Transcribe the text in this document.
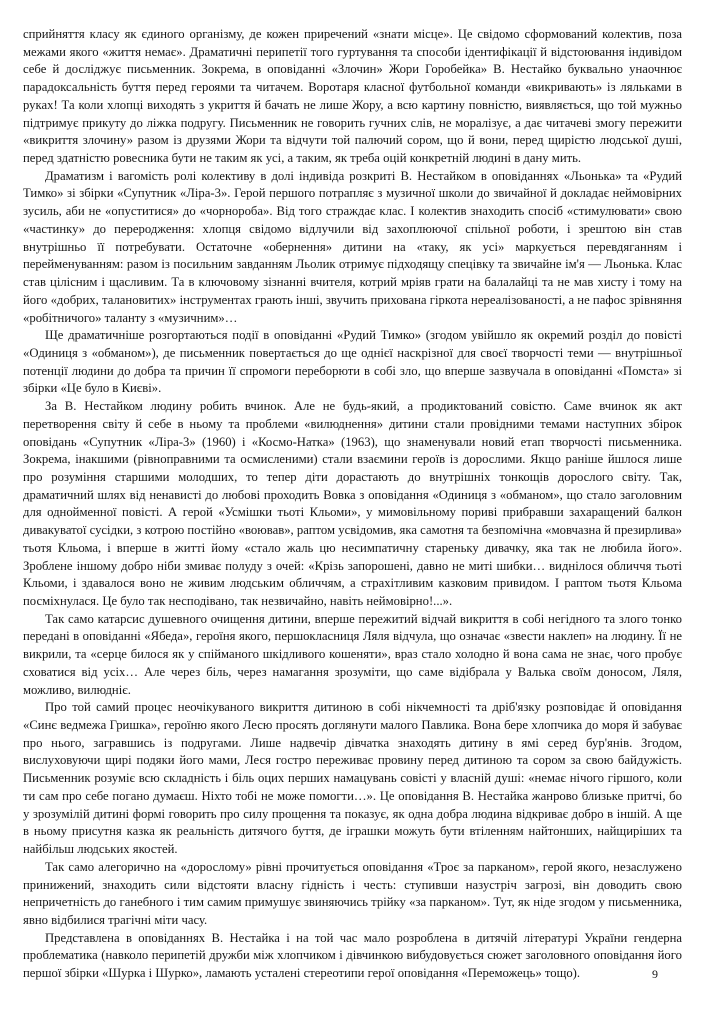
сприйняття класу як єдиного організму, де кожен приречений «знати місце». Це свідомо сформований колектив, поза межами якого «життя немає». Драматичні перипетії того гуртування та способи ідентифікації й відстоювання індивідом себе й досліджує письменник. Зокрема, в оповіданні «Злочин» Жори Горобейка» В. Нестайко буквально унаочнює парадоксальність буття перед героями та читачем. Воротаря класної футбольної команди «викривають» із ляльками в руках! Та коли хлопці виходять з укриття й бачать не лише Жору, а всю картину повністю, виявляється, що той мужньо підтримує прикуту до ліжка подругу. Письменник не говорить гучних слів, не моралізує, а дає читачеві змогу пережити «викриття злочину» разом із друзями Жори та відчути той палючий сором, що й вони, перед щирістю людської душі, перед здатністю ровесника бути не таким як усі, а таким, як треба оцій конкретній людині в дану мить.

Драматизм і вагомість ролі колективу в долі індивіда розкриті В. Нестайком в оповіданнях «Льонька» та «Рудий Тимко» зі збірки «Супутник «Ліра-3». Герой першого потрапляє з музичної школи до звичайної й докладає неймовірних зусиль, аби не «опуститися» до «чорнороба». Від того страждає клас. І колектив знаходить спосіб «стимулювати» свою «частинку» до переродження: хлопця свідомо відлучили від захоплюючої спільної роботи, і зрештою він став внутрішньо її потребувати. Остаточне «обернення» дитини на «таку, як усі» маркується перевдяганням і перейменуванням: разом із посильним завданням Льолик отримує підходящу спецівку та звичайне ім'я — Льонька. Клас став цілісним і щасливим. Та в ключовому зізнанні вчителя, котрий мріяв грати на балалайці та не мав хисту і тому на його «добрих, талановитих» інструментах грають інші, звучить прихована гіркота нереалізованості, а не пафос зрівняння «робітничого» таланту з «музичним»…

Ще драматичніше розгортаються події в оповіданні «Рудий Тимко» (згодом увійшло як окремий розділ до повісті «Одиниця з «обманом»), де письменник повертається до ще однієї наскрізної для своєї творчості теми — внутрішньої потенції людини до добра та причин її спромоги переборюти в собі зло, що вперше зазвучала в оповіданні «Помста» зі збірки «Це було в Києві».

За В. Нестайком людину робить вчинок. Але не будь-який, а продиктований совістю. Саме вчинок як акт перетворення світу й себе в ньому та проблеми «вилюднення» дитини стали провідними темами наступних збірок оповідань «Супутник «Ліра-3» (1960) і «Космо-Натка» (1963), що знаменували новий етап творчості письменника. Зокрема, інакшими (рівноправними та осмисленими) стали взаємини героїв із дорослими. Якщо раніше йшлося лише про розуміння старшими молодших, то тепер діти дорастають до внутрішніх тонкощів дорослого світу. Так, драматичний шлях від ненависті до любові проходить Вовка з оповідання «Одиниця з «обманом», що стало заголовним для однойменної повісті. А герой «Усмішки тьоті Кльоми», у мимовільному пориві прибравши захаращений балкон дивакуватої сусідки, з котрою постійно «воював», раптом усвідомив, яка самотня та безпомічна «мовчазна й презирлива» тьотя Кльома, і вперше в житті йому «стало жаль цю несимпатичну стареньку дивачку, яка так не любила його». Зроблене іншому добро ніби змиває полуду з очей: «Крізь запорошені, давно не миті шибки… виднілося обличчя тьоті Кльоми, і здавалося воно не живим людським обличчям, а страхітливим казковим привидом. І раптом тьотя Кльома посміхнулася. Це було так несподівано, так незвичайно, навіть неймовірно!...».

Так само катарсис душевного очищення дитини, вперше пережитий відчай викриття в собі негідного та злого тонко передані в оповіданні «Ябеда», героїня якого, першокласниця Ляля відчула, що означає «звести наклеп» на людину. Її не викрили, та «серце билося як у спійманого шкідливого кошеняти», враз стало холодно й вона сама не знає, чого пробує сховатися від усіх… Але через біль, через намагання зрозуміти, що саме відібрала у Валька своїм доносом, Ляля, можливо, вилюдніє.

Про той самий процес неочікуваного викриття дитиною в собі нікчемності та дріб'язку розповідає й оповідання «Синє ведмежа Гришка», героїню якого Лесю просять доглянути малого Павлика. Вона бере хлопчика до моря й забуває про нього, загравшись із подругами. Лише надвечір дівчатка знаходять дитину в ямі серед бур'янів. Згодом, вислуховуючи щирі подяки його мами, Леся гостро переживає провину перед дитиною та сором за свою байдужість. Письменник розуміє всю складність і біль оцих перших намацувань совісті у власній душі: «немає нічого гіршого, коли ти сам про себе погано думаєш. Ніхто тобі не може помогти…». Це оповідання В. Нестайка жанрово близьке притчі, бо у зрозумілій дитині формі говорить про силу прощення та показує, як одна добра людина відкриває добро в іншій. А ще в ньому присутня казка як реальність дитячого буття, де іграшки можуть бути втіленням найтонших, найщиріших та найбільш людських якостей.

Так само алегорично на «дорослому» рівні прочитується оповідання «Троє за парканом», герой якого, незаслужено принижений, знаходить сили відстояти власну гідність і честь: ступивши назустріч загрозі, він доводить свою непричетність до ганебного і тим самим примушує звиняючись трійку «за парканом». Тут, як ніде згодом у письменника, явно відбилися трагічні міти часу.

Представлена в оповіданнях В. Нестайка і на той час мало розроблена в дитячій літературі України гендерна проблематика (навколо перипетій дружби між хлопчиком і дівчинкою вибудовується сюжет заголовного оповідання його першої збірки «Шурка і Шурко», ламають усталені стереотипи герої оповідання «Переможець» тощо).	9
